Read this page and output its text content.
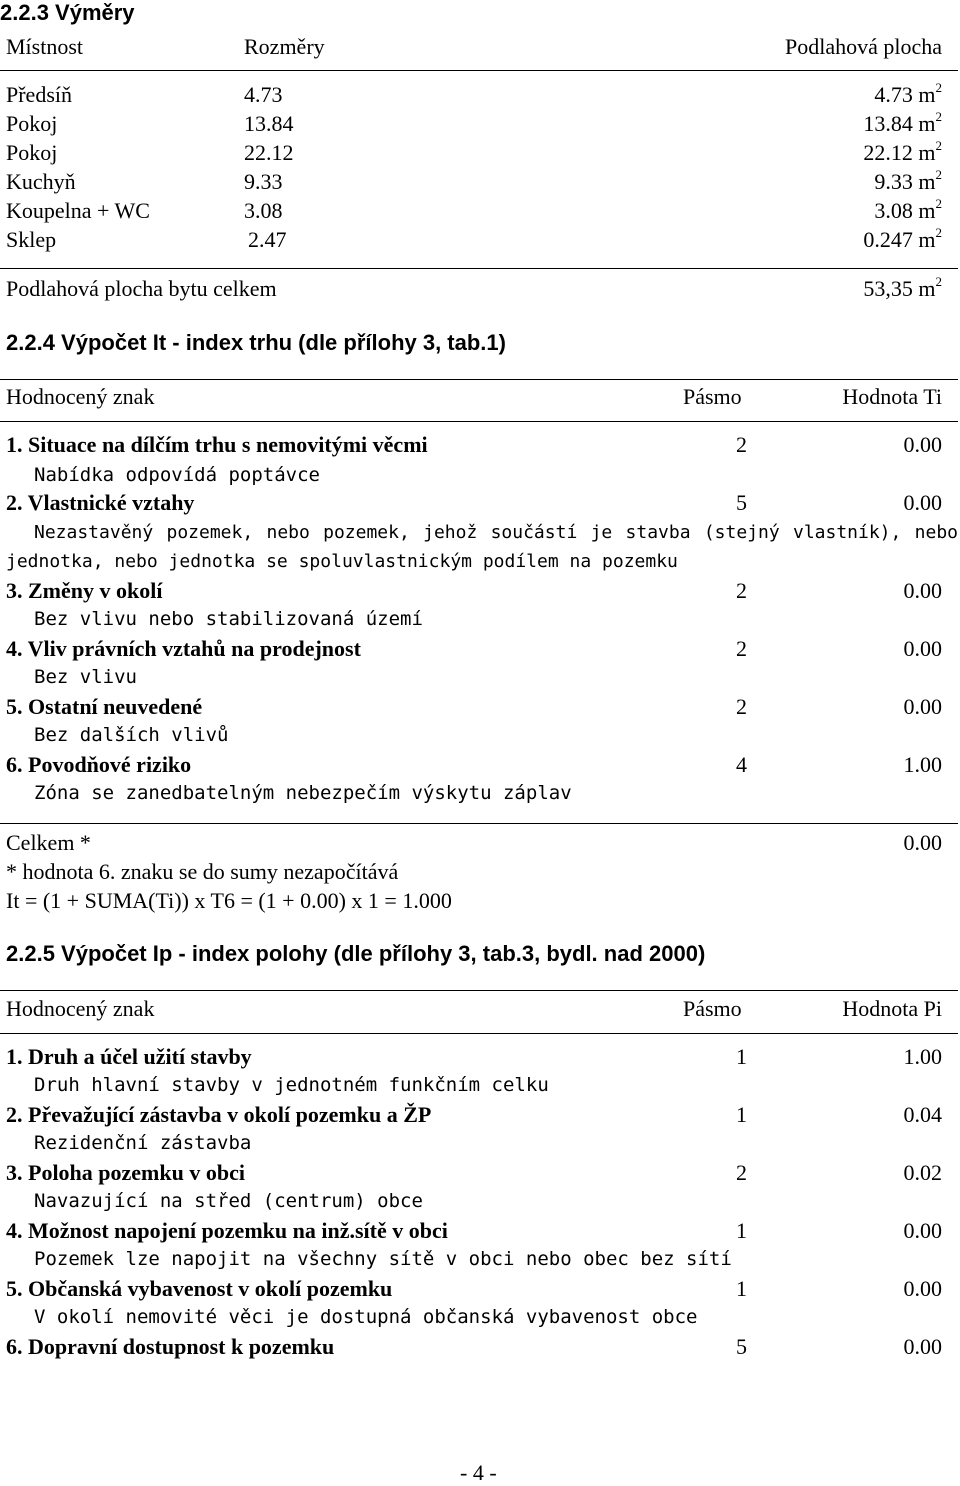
2.2.3 Výměry
Místnost	Rozměry	Podlahová plocha
Předsíň	4.73	4.73 $m^2$
Pokoj	13.84	13.84 $m^2$
Pokoj	22.12	22.12 $m^2$
Kuchyň	9.33	9.33 $m^2$
Koupelna + WC	3.08	3.08 $m^2$
Sklep	2.47	0.247 $m^2$
Podlahová plocha bytu celkem	53,35 $m^2$
2.2.4 Výpočet It - index trhu (dle přílohy 3, tab.1)
Hodnocený znak	Pásmo	Hodnota Ti
1. Situace na dílčím trhu s nemovitými věcmi	2	0.00
Nabídka odpovídá poptávce
2. Vlastnické vztahy	5	0.00
Nezastavěný pozemek, nebo pozemek, jehož součástí je stavba (stejný vlastník), nebo
jednotka, nebo jednotka se spoluvlastnickým podílem na pozemku
3. Změny v okolí	2	0.00
Bez vlivu nebo stabilizovaná území
4. Vliv právních vztahů na prodejnost	2	0.00
Bez vlivu
5. Ostatní neuvedené	2	0.00
Bez dalších vlivů
6. Povodňové riziko	4	1.00
Zóna se zanedbatelným nebezpečím výskytu záplav
Celkem *	0.00
* hodnota 6. znaku se do sumy nezapočítává
It = (1 + SUMA(Ti)) x T6 = (1 + 0.00) x 1 = 1.000
2.2.5 Výpočet Ip - index polohy (dle přílohy 3, tab.3, bydl. nad 2000)
Hodnocený znak	Pásmo	Hodnota Pi
1. Druh a účel užití stavby	1	1.00
Druh hlavní stavby v jednotném funkčním celku
2. Převažující zástavba v okolí pozemku a ŽP	1	0.04
Rezidenční zástavba
3. Poloha pozemku v obci	2	0.02
Navazující na střed (centrum) obce
4. Možnost napojení pozemku na inž.sítě v obci	1	0.00
Pozemek lze napojit na všechny sítě v obci nebo obec bez sítí
5. Občanská vybavenost v okolí pozemku	1	0.00
V okolí nemovité věci je dostupná občanská vybavenost obce
6. Dopravní dostupnost k pozemku	5	0.00
- 4 -
